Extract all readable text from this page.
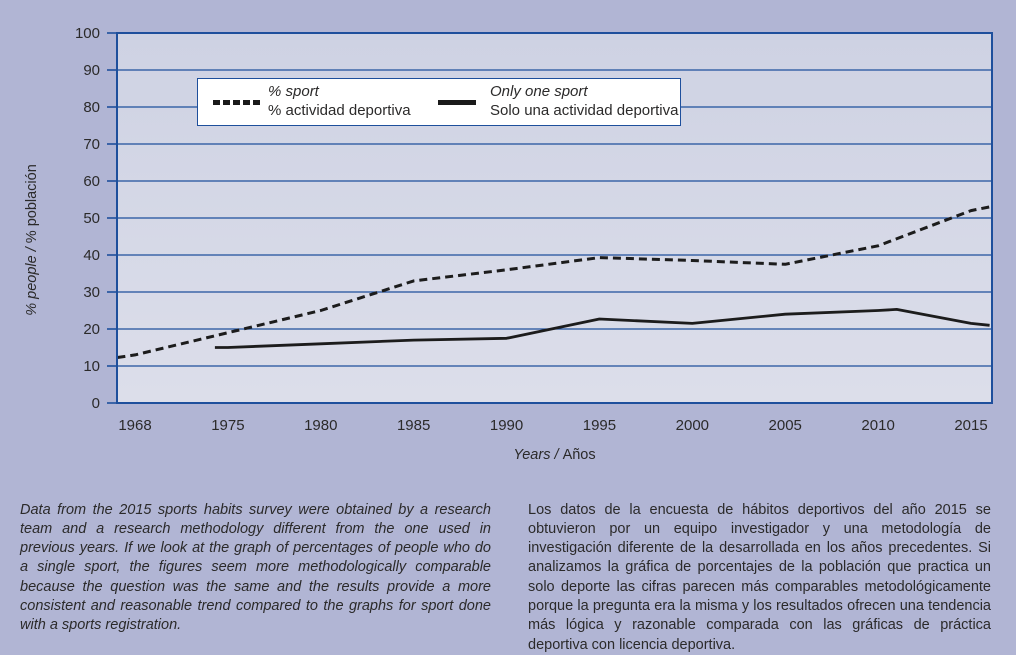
0
10
20
30
40
50
60
70
80
90
100
1968	1975	1980	1985	1990	1995	2000	2005	2010	2015
% people / % población
% sport
% actividad deportiva
Only one sport
Solo una actividad deportiva
Years / Años

Data from the 2015 sports habits survey were obtained by a research team and a research methodology different from the one used in previous years. If we look at the graph of percentages of people who do a single sport, the figures seem more methodologically comparable because the question was the same and the results provide a more consistent and reasonable trend compared to the graphs for sport done with a sports registration.

Los datos de la encuesta de hábitos deportivos del año 2015 se obtuvieron por un equipo investigador y una metodología de investigación diferente de la desarrollada en los años precedentes. Si analizamos la gráfica de porcentajes de la población que practica un solo deporte las cifras parecen más comparables metodológicamente porque la pregunta era la misma y los resultados ofrecen una tendencia más lógica y razonable comparada con las gráficas de práctica deportiva con licencia deportiva.
